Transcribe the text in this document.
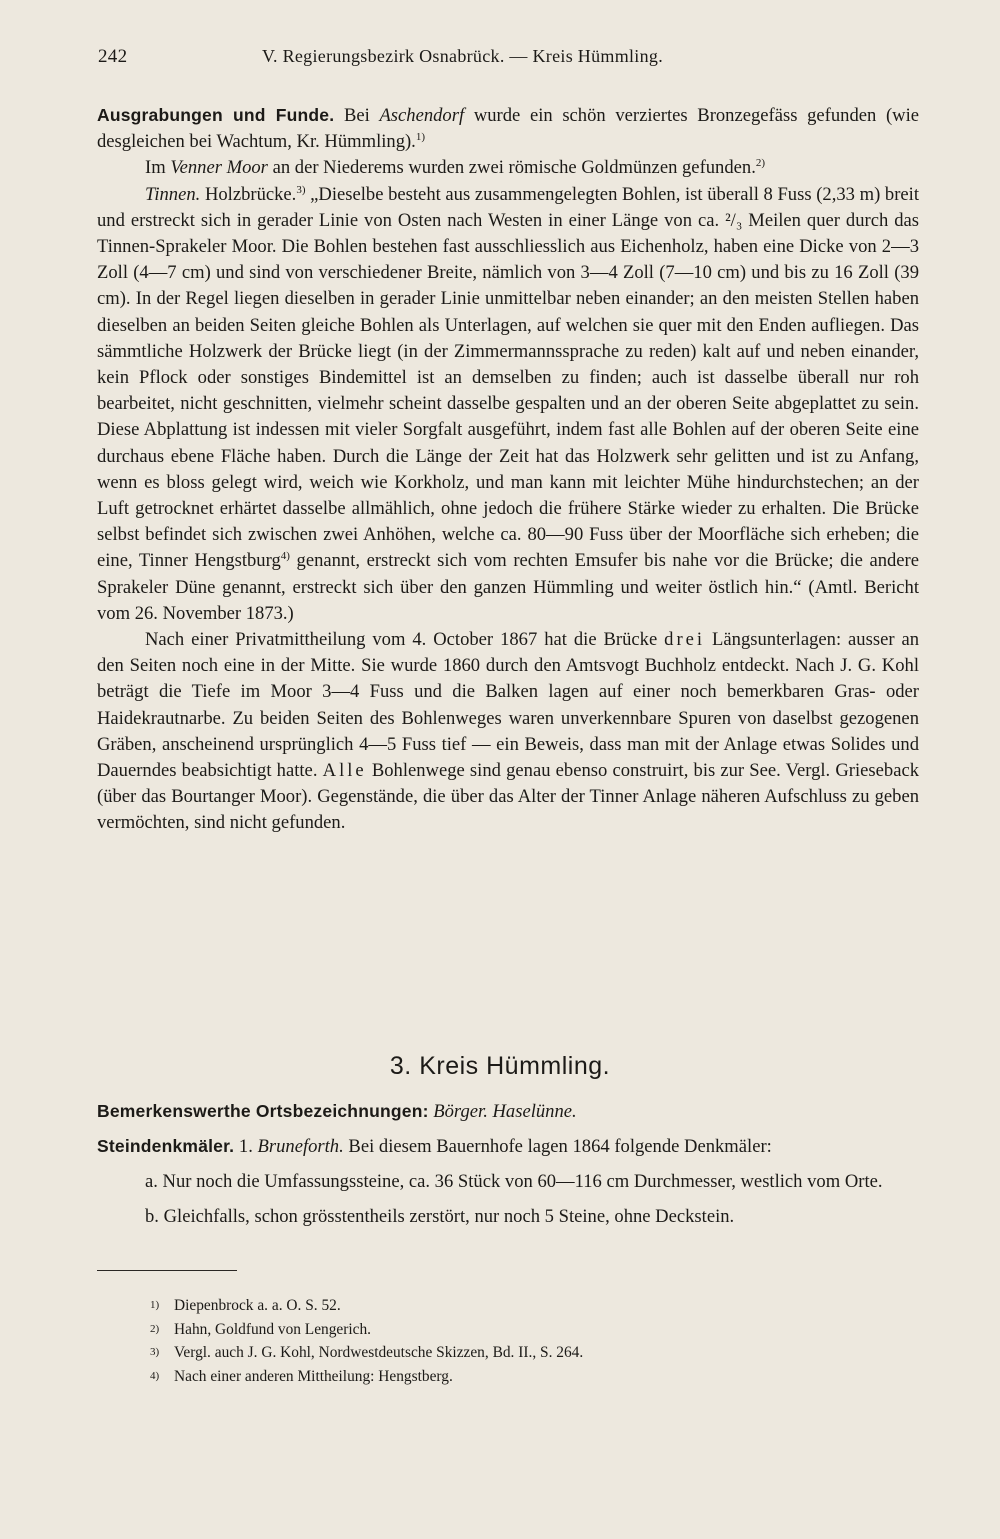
242	V. Regierungsbezirk Osnabrück. — Kreis Hümmling.

Ausgrabungen und Funde. Bei Aschendorf wurde ein schön verziertes Bronzegefäss gefunden (wie desgleichen bei Wachtum, Kr. Hümmling).$^{1)}$

Im Venner Moor an der Niederems wurden zwei römische Goldmünzen gefunden.$^{2)}$

Tinnen. Holzbrücke.$^{3)}$ „Dieselbe besteht aus zusammengelegten Bohlen, ist überall 8 Fuss (2,33 m) breit und erstreckt sich in gerader Linie von Osten nach Westen in einer Länge von ca. ²/₃ Meilen quer durch das Tinnen-Sprakeler Moor. Die Bohlen bestehen fast ausschliesslich aus Eichenholz, haben eine Dicke von 2—3 Zoll (4—7 cm) und sind von verschiedener Breite, nämlich von 3—4 Zoll (7—10 cm) und bis zu 16 Zoll (39 cm). In der Regel liegen dieselben in gerader Linie unmittelbar neben einander; an den meisten Stellen haben dieselben an beiden Seiten gleiche Bohlen als Unterlagen, auf welchen sie quer mit den Enden aufliegen. Das sämmtliche Holzwerk der Brücke liegt (in der Zimmermannssprache zu reden) kalt auf und neben einander, kein Pflock oder sonstiges Bindemittel ist an demselben zu finden; auch ist dasselbe überall nur roh bearbeitet, nicht geschnitten, vielmehr scheint dasselbe gespalten und an der oberen Seite abgeplattet zu sein. Diese Abplattung ist indessen mit vieler Sorgfalt ausgeführt, indem fast alle Bohlen auf der oberen Seite eine durchaus ebene Fläche haben. Durch die Länge der Zeit hat das Holzwerk sehr gelitten und ist zu Anfang, wenn es bloss gelegt wird, weich wie Korkholz, und man kann mit leichter Mühe hindurchstechen; an der Luft getrocknet erhärtet dasselbe allmählich, ohne jedoch die frühere Stärke wieder zu erhalten. Die Brücke selbst befindet sich zwischen zwei Anhöhen, welche ca. 80—90 Fuss über der Moorfläche sich erheben; die eine, Tinner Hengstburg$^{4)}$ genannt, erstreckt sich vom rechten Emsufer bis nahe vor die Brücke; die andere Sprakeler Düne genannt, erstreckt sich über den ganzen Hümmling und weiter östlich hin.“ (Amtl. Bericht vom 26. November 1873.)

Nach einer Privatmittheilung vom 4. October 1867 hat die Brücke drei Längsunterlagen: ausser an den Seiten noch eine in der Mitte. Sie wurde 1860 durch den Amtsvogt Buchholz entdeckt. Nach J. G. Kohl beträgt die Tiefe im Moor 3—4 Fuss und die Balken lagen auf einer noch bemerkbaren Gras- oder Haidekrautnarbe. Zu beiden Seiten des Bohlenweges waren unverkennbare Spuren von daselbst gezogenen Gräben, anscheinend ursprünglich 4—5 Fuss tief — ein Beweis, dass man mit der Anlage etwas Solides und Dauerndes beabsichtigt hatte. Alle Bohlenwege sind genau ebenso construirt, bis zur See. Vergl. Grieseback (über das Bourtanger Moor). Gegenstände, die über das Alter der Tinner Anlage näheren Aufschluss zu geben vermöchten, sind nicht gefunden.

3. Kreis Hümmling.

Bemerkenswerthe Ortsbezeichnungen: Börger. Haselünne.

Steindenkmäler. 1. Bruneforth. Bei diesem Bauernhofe lagen 1864 folgende Denkmäler:

a. Nur noch die Umfassungssteine, ca. 36 Stück von 60—116 cm Durchmesser, westlich vom Orte.

b. Gleichfalls, schon grösstentheils zerstört, nur noch 5 Steine, ohne Deckstein.

1) Diepenbrock a. a. O. S. 52.
2) Hahn, Goldfund von Lengerich.
3) Vergl. auch J. G. Kohl, Nordwestdeutsche Skizzen, Bd. II., S. 264.
4) Nach einer anderen Mittheilung: Hengstberg.
